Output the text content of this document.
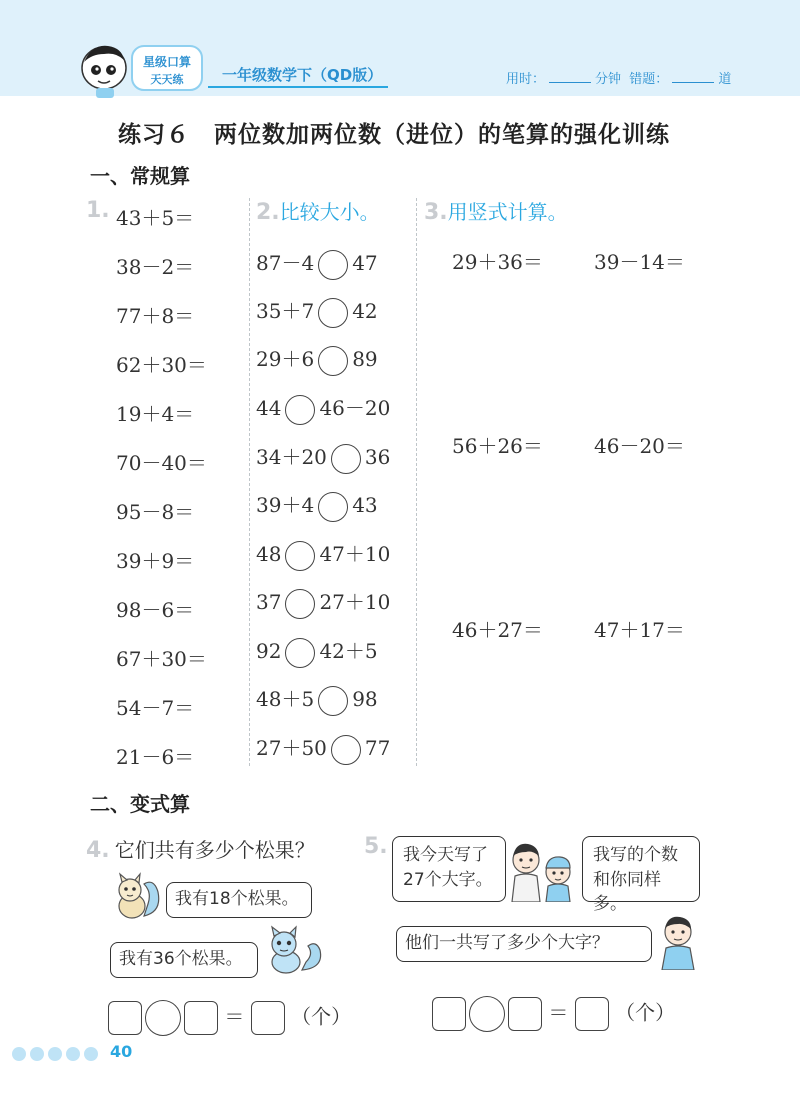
星级口算
天天练	一年级数学下（QD版）	用时：	分钟 错题：	道
练习６　两位数加两位数（进位）的笔算的强化训练
一、常规算
1. 43＋5＝
38－2＝
77＋8＝
62＋30＝
19＋4＝
70－40＝
95－8＝
39＋9＝
98－6＝
67＋30＝
54－7＝
21－6＝
2.比较大小。
87－4 47
35＋7 42
29＋6 89
44 46－20
34＋20 36
39＋4 43
48 47＋10
37 27＋10
92 42＋5
48＋5 98
27＋50 77
3.用竖式计算。
29＋36＝	39－14＝
56＋26＝	46－20＝
46＋27＝	47＋17＝
二、变式算
4. 它们共有多少个松果？
我有18个松果。
我有36个松果。
＝ （个）
5. 我今天写了
27个大字。
我写的个数
和你同样多。
他们一共写了多少个大字？
＝ （个）
40
